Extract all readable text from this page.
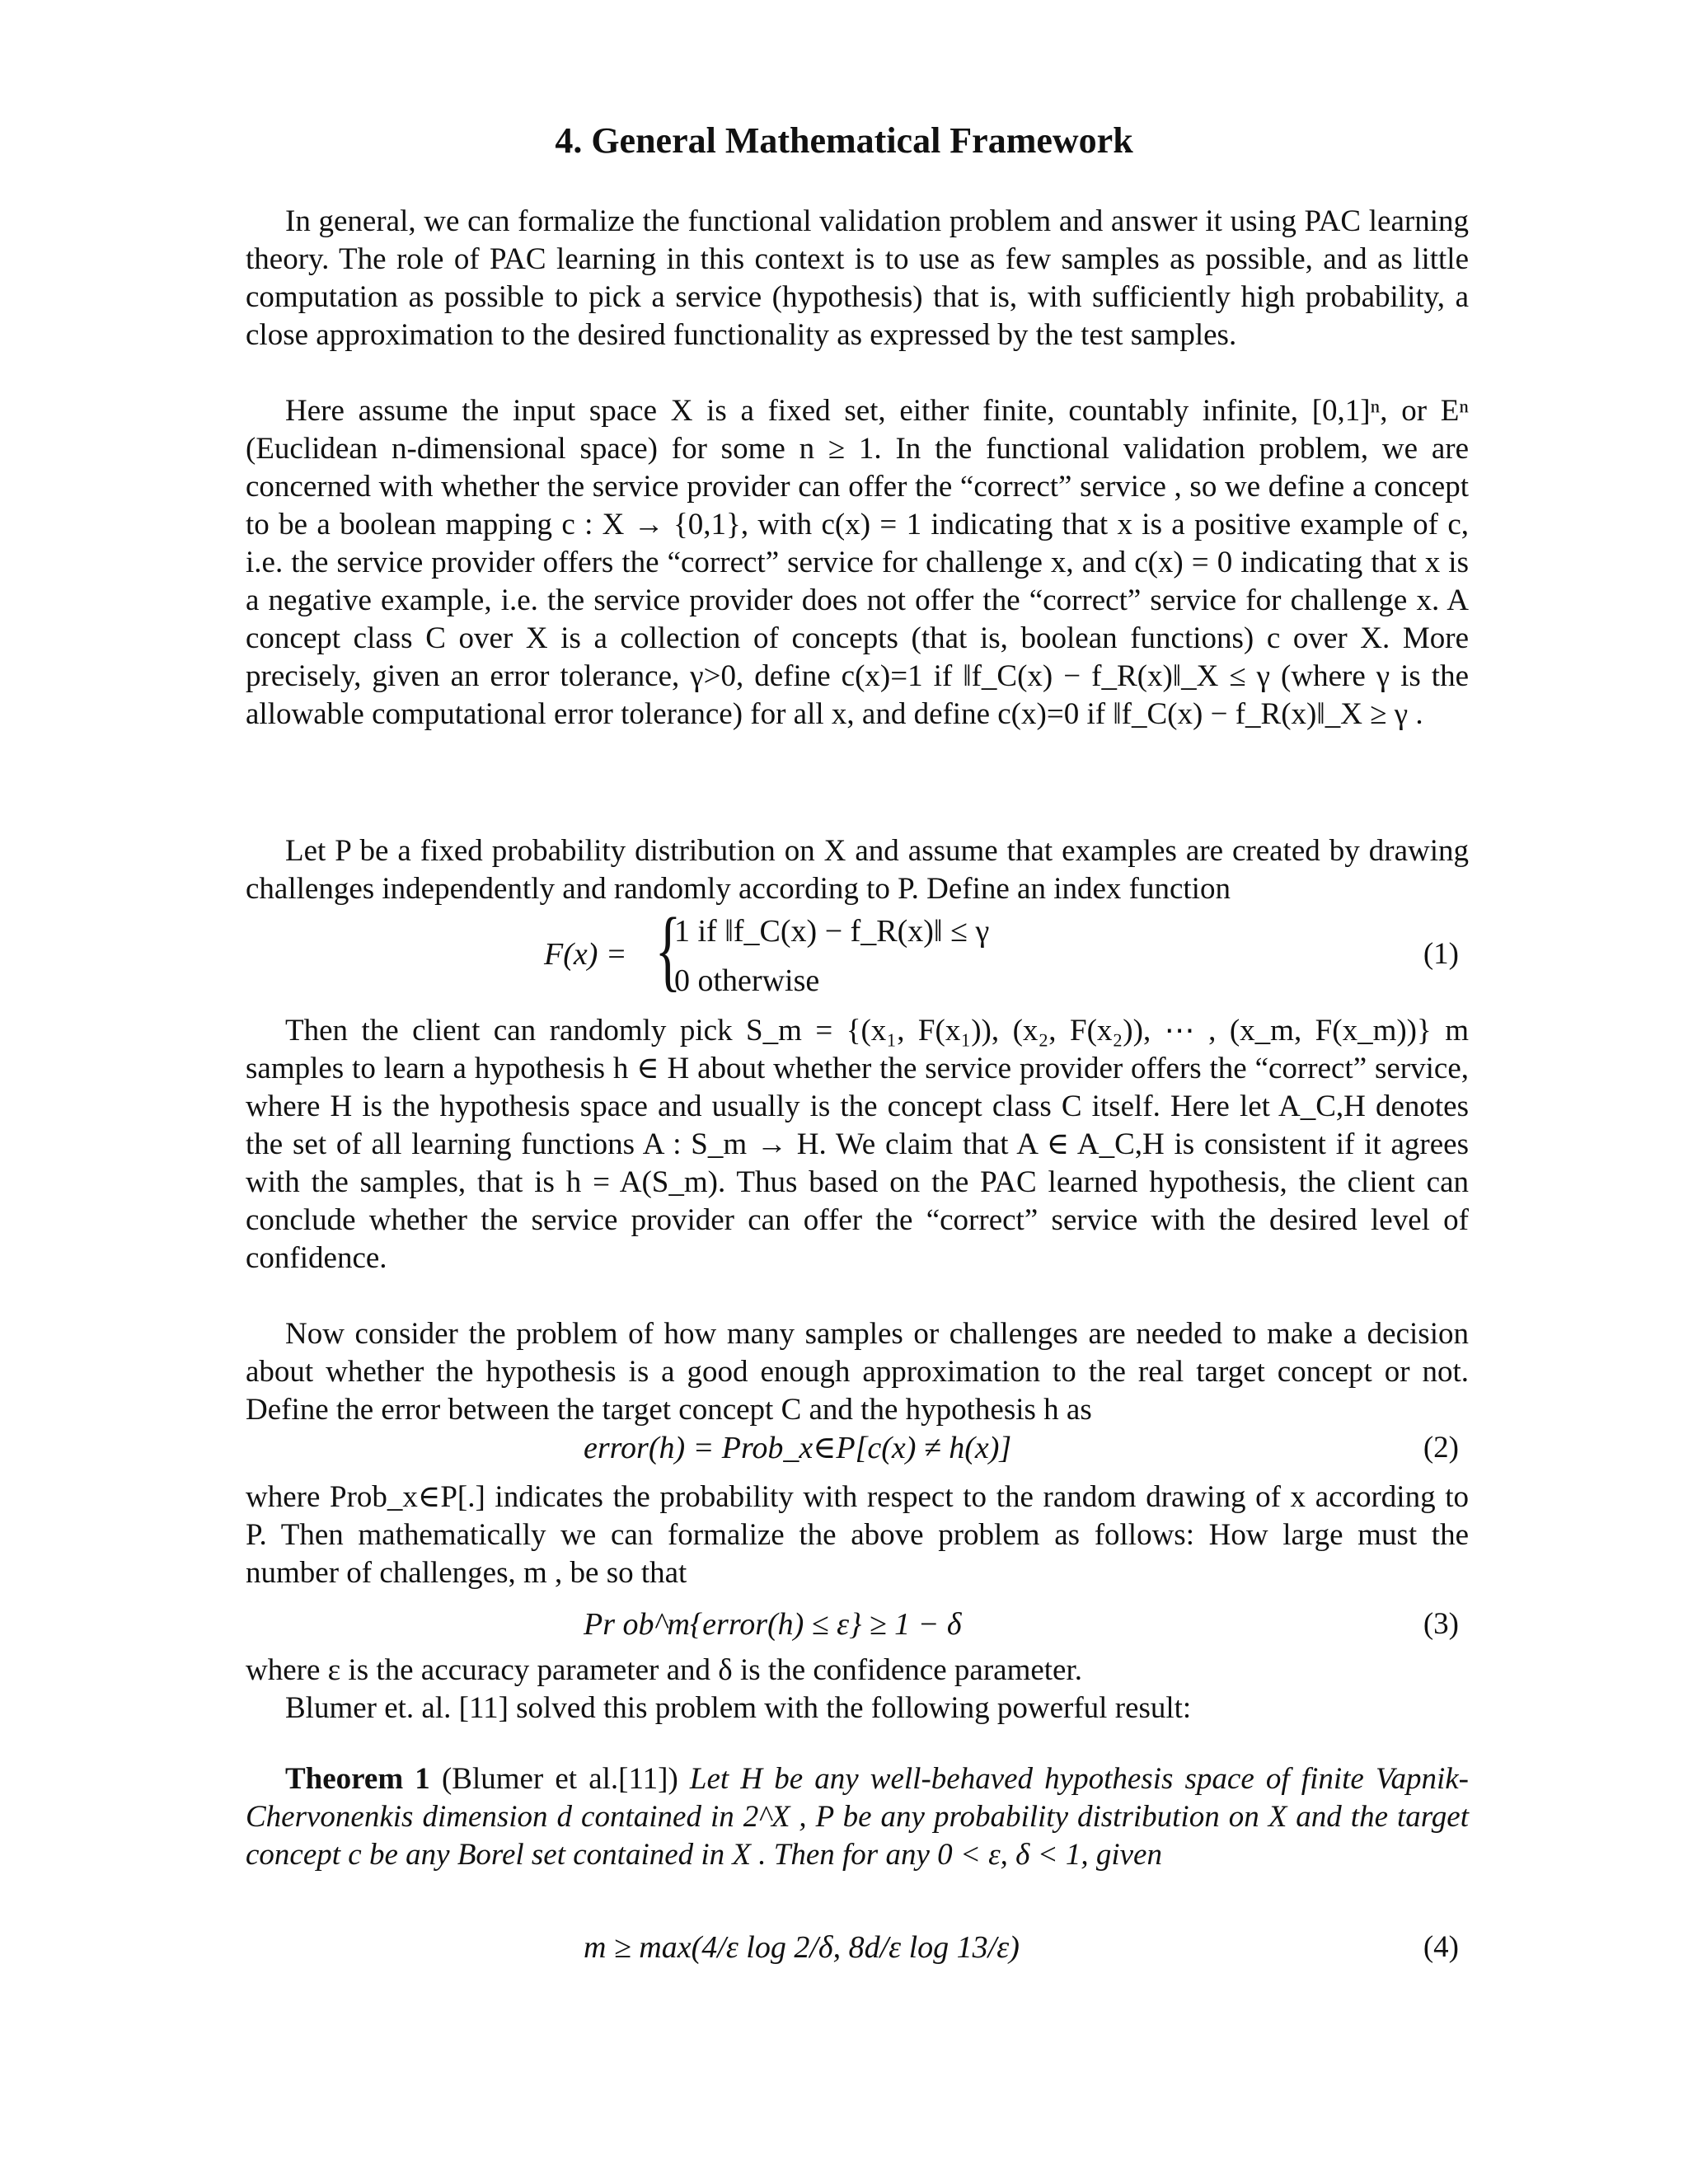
4. General Mathematical Framework

In general, we can formalize the functional validation problem and answer it using PAC learning theory. The role of PAC learning in this context is to use as few samples as possible, and as little computation as possible to pick a service (hypothesis) that is, with sufficiently high probability, a close approximation to the desired functionality as expressed by the test samples.

Here assume the input space X is a fixed set, either finite, countably infinite, [0,1]ⁿ, or Eⁿ (Euclidean n-dimensional space) for some n ≥ 1. In the functional validation problem, we are concerned with whether the service provider can offer the “correct” service , so we define a concept to be a boolean mapping c : X → {0,1}, with c(x) = 1 indicating that x is a positive example of c, i.e. the service provider offers the “correct” service for challenge x, and c(x) = 0 indicating that x is a negative example, i.e. the service provider does not offer the “correct” service for challenge x. A concept class C over X is a collection of concepts (that is, boolean functions) c over X. More precisely, given an error tolerance, γ>0, define c(x)=1 if ‖f_C(x) − f_R(x)‖_X ≤ γ (where γ is the allowable computational error tolerance) for all x, and define c(x)=0 if ‖f_C(x) − f_R(x)‖_X ≥ γ .

Let P be a fixed probability distribution on X and assume that examples are created by drawing challenges independently and randomly according to P. Define an index function

F(x) = {
1 if ‖f_C(x) − f_R(x)‖ ≤ γ
0 otherwise
(1)

Then the client can randomly pick S_m = {(x₁, F(x₁)), (x₂, F(x₂)), ⋯ , (x_m, F(x_m))} m samples to learn a hypothesis h ∈ H about whether the service provider offers the “correct” service, where H is the hypothesis space and usually is the concept class C itself. Here let A_C,H denotes the set of all learning functions A : S_m → H. We claim that A ∈ A_C,H is consistent if it agrees with the samples, that is h = A(S_m). Thus based on the PAC learned hypothesis, the client can conclude whether the service provider can offer the “correct” service with the desired level of confidence.

Now consider the problem of how many samples or challenges are needed to make a decision about whether the hypothesis is a good enough approximation to the real target concept or not. Define the error between the target concept C and the hypothesis h as

error(h) = Prob_x∈P[c(x) ≠ h(x)]	(2)

where Prob_x∈P[.] indicates the probability with respect to the random drawing of x according to P. Then mathematically we can formalize the above problem as follows: How large must the number of challenges, m , be so that

Pr ob^m{error(h) ≤ ε} ≥ 1 − δ	(3)

where ε is the accuracy parameter and δ is the confidence parameter.

Blumer et. al. [11] solved this problem with the following powerful result:

Theorem 1 (Blumer et al.[11]) Let H be any well-behaved hypothesis space of finite Vapnik-Chervonenkis dimension d contained in 2^X , P be any probability distribution on X and the target concept c be any Borel set contained in X . Then for any 0 < ε, δ < 1, given

m ≥ max(4/ε log 2/δ, 8d/ε log 13/ε)	(4)
